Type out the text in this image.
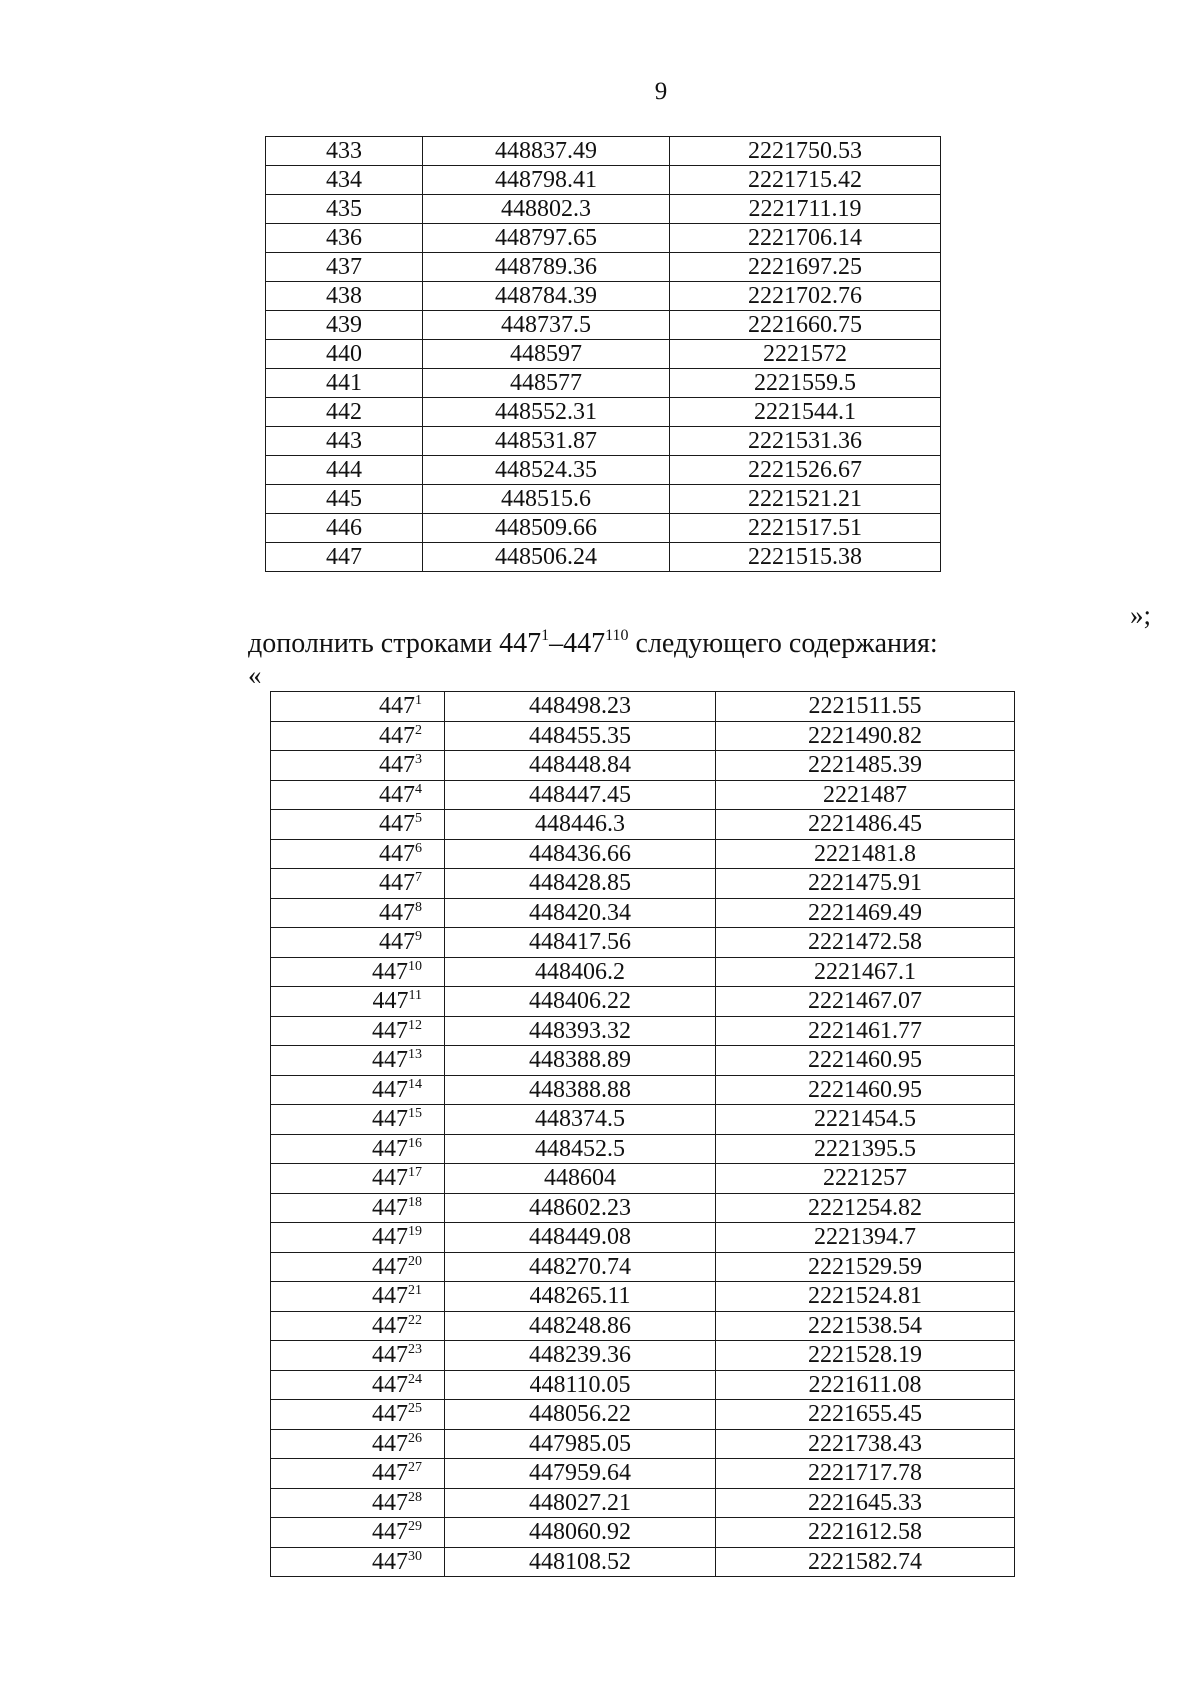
9
433	448837.49	2221750.53
434	448798.41	2221715.42
435	448802.3	2221711.19
436	448797.65	2221706.14
437	448789.36	2221697.25
438	448784.39	2221702.76
439	448737.5	2221660.75
440	448597	2221572
441	448577	2221559.5
442	448552.31	2221544.1
443	448531.87	2221531.36
444	448524.35	2221526.67
445	448515.6	2221521.21
446	448509.66	2221517.51
447	448506.24	2221515.38
»;
дополнить строками $447^1-447^{110}$ следующего содержания:
«
$447^1$	448498.23	2221511.55
$447^2$	448455.35	2221490.82
$447^3$	448448.84	2221485.39
$447^4$	448447.45	2221487
$447^5$	448446.3	2221486.45
$447^6$	448436.66	2221481.8
$447^7$	448428.85	2221475.91
$447^8$	448420.34	2221469.49
$447^9$	448417.56	2221472.58
$447^{10}$	448406.2	2221467.1
$447^{11}$	448406.22	2221467.07
$447^{12}$	448393.32	2221461.77
$447^{13}$	448388.89	2221460.95
$447^{14}$	448388.88	2221460.95
$447^{15}$	448374.5	2221454.5
$447^{16}$	448452.5	2221395.5
$447^{17}$	448604	2221257
$447^{18}$	448602.23	2221254.82
$447^{19}$	448449.08	2221394.7
$447^{20}$	448270.74	2221529.59
$447^{21}$	448265.11	2221524.81
$447^{22}$	448248.86	2221538.54
$447^{23}$	448239.36	2221528.19
$447^{24}$	448110.05	2221611.08
$447^{25}$	448056.22	2221655.45
$447^{26}$	447985.05	2221738.43
$447^{27}$	447959.64	2221717.78
$447^{28}$	448027.21	2221645.33
$447^{29}$	448060.92	2221612.58
$447^{30}$	448108.52	2221582.74
